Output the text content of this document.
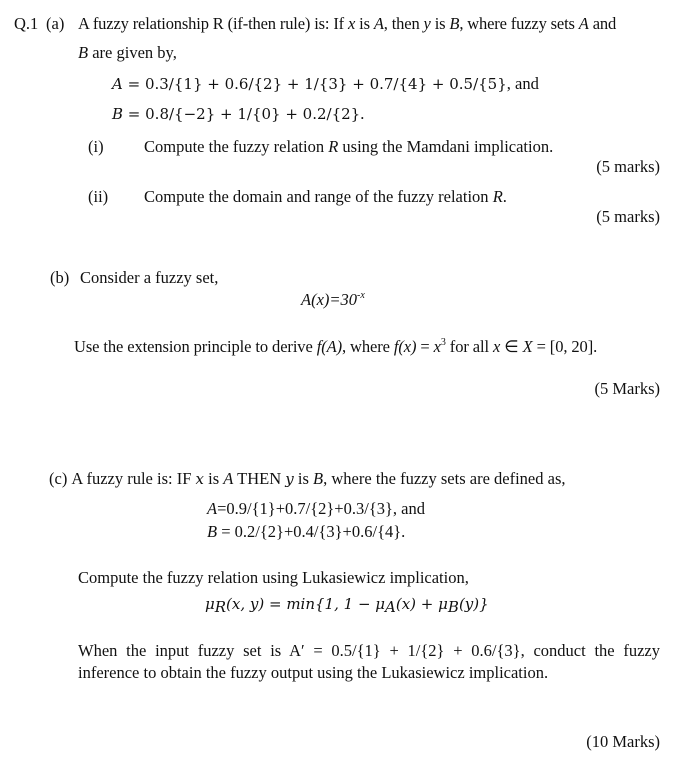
Q.1 (a) A fuzzy relationship R (if-then rule) is: If x is A, then y is B, where fuzzy sets A and
B are given by,
A = 0.3/{1} + 0.6/{2} + 1/{3} + 0.7/{4} + 0.5/{5}, and
B = 0.8/{−2} + 1/{0} + 0.2/{2}.
(i) Compute the fuzzy relation R using the Mamdani implication.
(5 marks)
(ii) Compute the domain and range of the fuzzy relation R.
(5 marks)
(b) Consider a fuzzy set,
$A(x)=30^{-x}$
Use the extension principle to derive f(A), where $f(x) = x^3$ for all x ∈ X = [0, 20].
(5 Marks)
(c) A fuzzy rule is: IF x is A THEN y is B, where the fuzzy sets are defined as,
A=0.9/{1}+0.7/{2}+0.3/{3}, and
B = 0.2/{2}+0.4/{3}+0.6/{4}.
Compute the fuzzy relation using Lukasiewicz implication,
$\mu_R(x$, y) = min{1, $1 - \mu_A(x) + \mu_B(y)$}
When the input fuzzy set is A′ = 0.5/{1} + 1/{2} + 0.6/{3}, conduct the fuzzy
inference to obtain the fuzzy output using the Lukasiewicz implication.
(10 Marks)
